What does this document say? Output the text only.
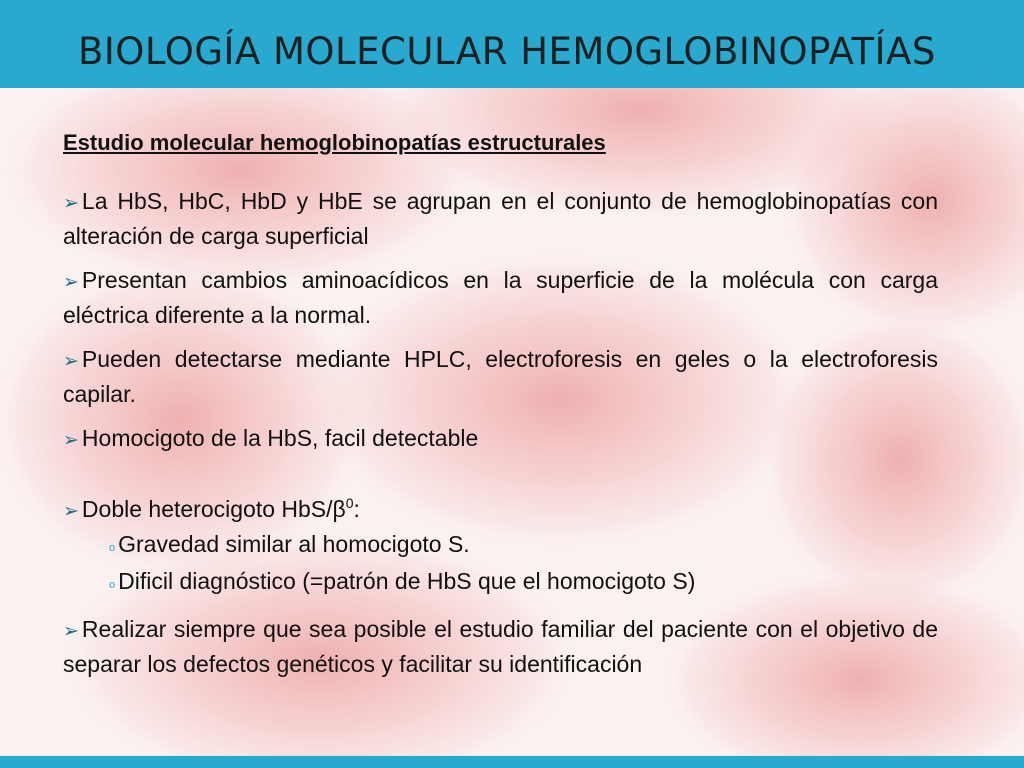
BIOLOGÍA MOLECULAR HEMOGLOBINOPATÍAS
Estudio molecular hemoglobinopatías estructurales
➢ La HbS, HbC, HbD y HbE se agrupan en el conjunto de hemoglobinopatías con alteración de carga superficial
➢ Presentan cambios aminoacídicos en la superficie de la molécula con carga eléctrica diferente a la normal.
➢ Pueden detectarse mediante HPLC, electroforesis en geles o la electroforesis capilar.
➢ Homocigoto de la HbS, facil detectable
➢ Doble heterocigoto HbS/$\beta^0$:
o Gravedad similar al homocigoto S.
o Dificil diagnóstico (=patrón de HbS que el homocigoto S)
➢ Realizar siempre que sea posible el estudio familiar del paciente con el objetivo de separar los defectos genéticos y facilitar su identificación
